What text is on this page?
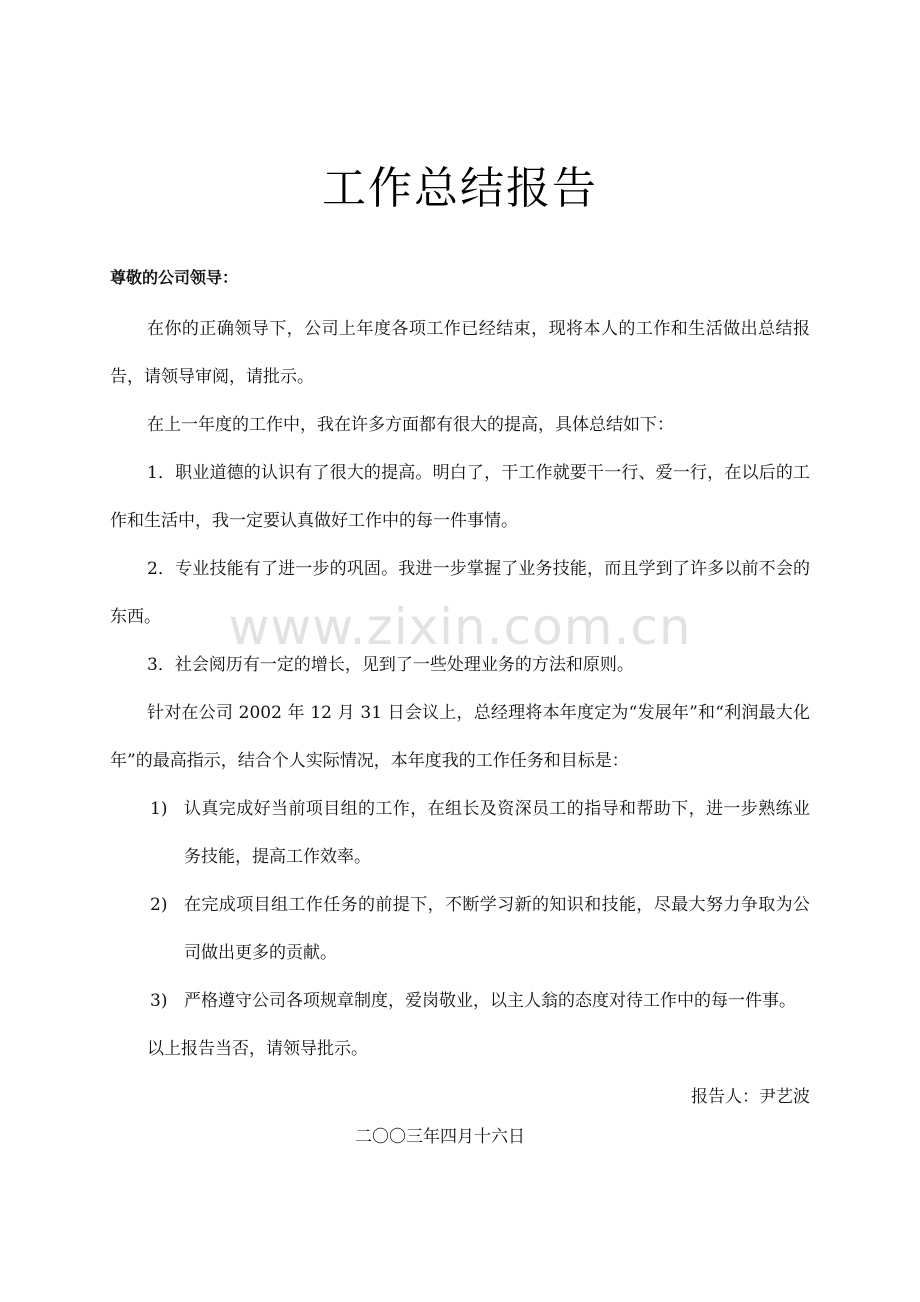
工作总结报告
尊敬的公司领导：
在你的正确领导下，公司上年度各项工作已经结束，现将本人的工作和生活做出总结报告，请领导审阅，请批示。
在上一年度的工作中，我在许多方面都有很大的提高，具体总结如下：
1．职业道德的认识有了很大的提高。明白了，干工作就要干一行、爱一行，在以后的工作和生活中，我一定要认真做好工作中的每一件事情。
2．专业技能有了进一步的巩固。我进一步掌握了业务技能，而且学到了许多以前不会的东西。
3．社会阅历有一定的增长，见到了一些处理业务的方法和原则。
针对在公司 2002 年 12 月 31 日会议上，总经理将本年度定为“发展年”和“利润最大化年”的最高指示，结合个人实际情况，本年度我的工作任务和目标是：
1) 认真完成好当前项目组的工作，在组长及资深员工的指导和帮助下，进一步熟练业务技能，提高工作效率。
2) 在完成项目组工作任务的前提下，不断学习新的知识和技能，尽最大努力争取为公司做出更多的贡献。
3) 严格遵守公司各项规章制度，爱岗敬业，以主人翁的态度对待工作中的每一件事。
以上报告当否，请领导批示。
报告人：尹艺波
二〇〇三年四月十六日
www.zixin.com.cn
